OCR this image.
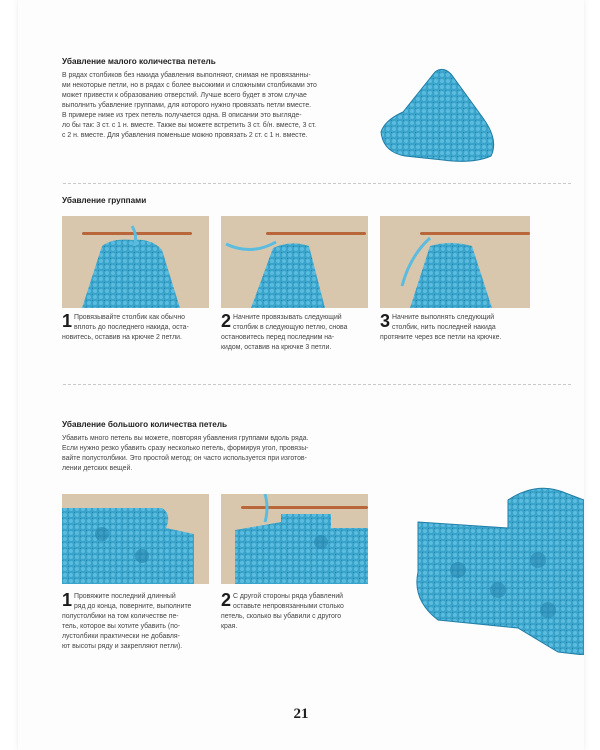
Убавление малого количества петель
В рядах столбиков без накида убавления выполняют, снимая не провязанны-
ми некоторые петли, но в рядах с более высокими и сложными столбиками это
может привести к образованию отверстий. Лучше всего будет в этом случае
выполнить убавление группами, для которого нужно провязать петли вместе.
В примере ниже из трех петель получается одна. В описании это выгляде-
ло бы так: 3 ст. с 1 н. вместе. Также вы можете встретить 3 ст. б/н. вместе, 3 ст.
с 2 н. вместе. Для убавления поменьше можно провязать 2 ст. с 1 н. вместе.
Убавление группами
1 Провязывайте столбик как обычно
вплоть до последнего накида, оста-
новитесь, оставив на крючке 2 петли.
2 Начните провязывать следующий
столбик в следующую петлю, снова
остановитесь перед последним на-
кидом, оставив на крючке 3 петли.
3 Начните выполнять следующий
столбик, нить последней накида
протяните через все петли на крючке.
Убавление большого количества петель
Убавить много петель вы можете, повторяя убавления группами вдоль ряда.
Если нужно резко убавить сразу несколько петель, формируя угол, провязы-
вайте полустолбики. Это простой метод; он часто используется при изготов-
лении детских вещей.
1 Провяжите последний длинный
ряд до конца, поверните, выполните
полустолбики на том количестве пе-
тель, которое вы хотите убавить (по-
лустолбики практически не добавля-
ют высоты ряду и закрепляют петли).
2 С другой стороны ряда убавлений
оставьте непровязанными столько
петель, сколько вы убавили с другого
края.
21
